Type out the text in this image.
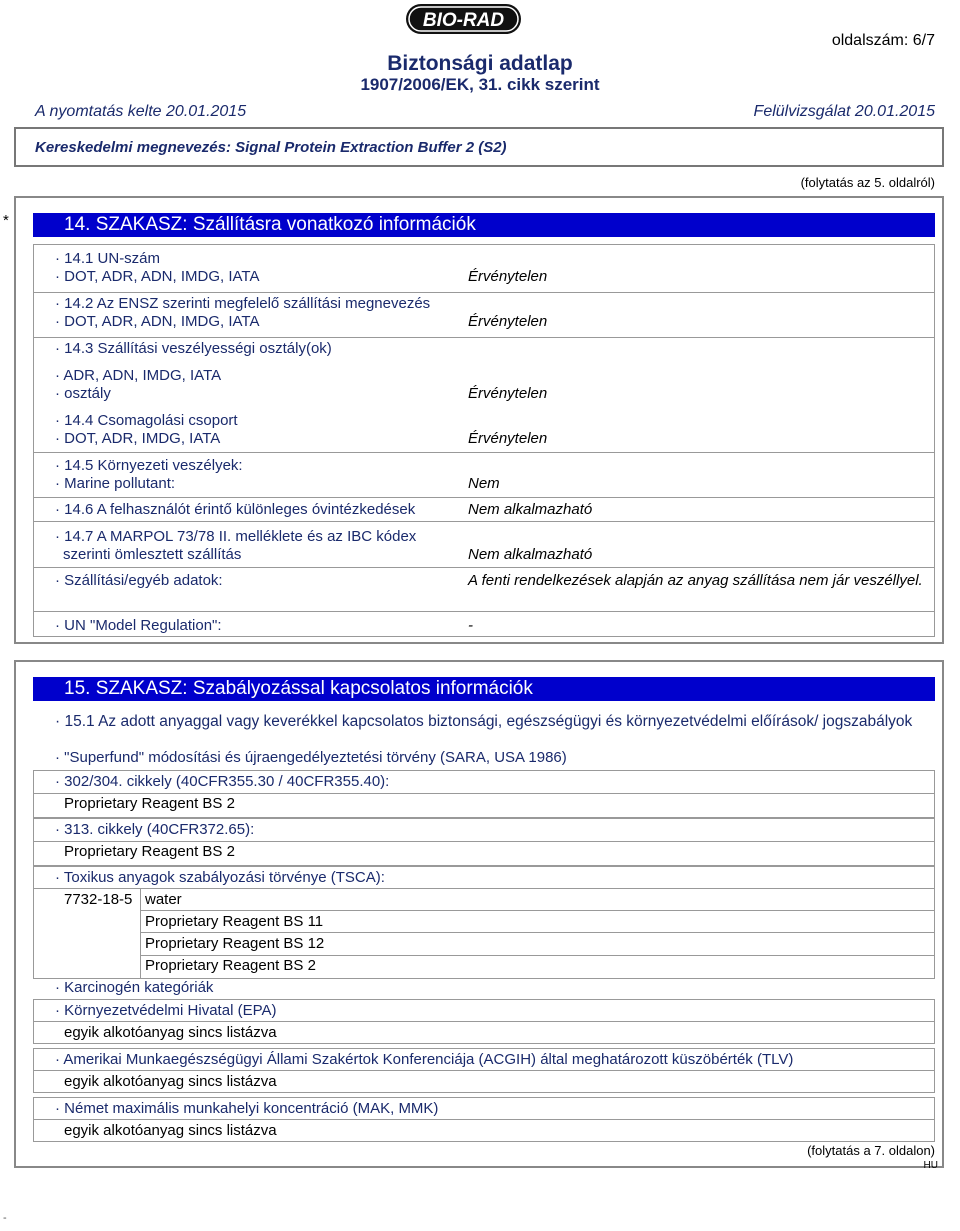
BIO-RAD
oldalszám: 6/7
Biztonsági adatlap
1907/2006/EK, 31. cikk szerint
A nyomtatás kelte 20.01.2015	Felülvizsgálat 20.01.2015
Kereskedelmi megnevezés: Signal Protein Extraction Buffer 2 (S2)
(folytatás az 5. oldalról)
*	14. SZAKASZ: Szállításra vonatkozó információk
· 14.1 UN-szám
· DOT, ADR, ADN, IMDG, IATA	Érvénytelen
· 14.2 Az ENSZ szerinti megfelelő szállítási megnevezés
· DOT, ADR, ADN, IMDG, IATA	Érvénytelen
· 14.3 Szállítási veszélyességi osztály(ok)
· ADR, ADN, IMDG, IATA
· osztály	Érvénytelen
· 14.4 Csomagolási csoport
· DOT, ADR, IMDG, IATA	Érvénytelen
· 14.5 Környezeti veszélyek:
· Marine pollutant:	Nem
· 14.6 A felhasználót érintő különleges óvintézkedések	Nem alkalmazható
· 14.7 A MARPOL 73/78 II. melléklete és az IBC kódex
szerinti ömlesztett szállítás	Nem alkalmazható
· Szállítási/egyéb adatok:	A fenti rendelkezések alapján az anyag szállítása nem jár veszéllyel.
· UN "Model Regulation":	-
15. SZAKASZ: Szabályozással kapcsolatos információk
· 15.1 Az adott anyaggal vagy keverékkel kapcsolatos biztonsági, egészségügyi és környezetvédelmi előírások/ jogszabályok
· "Superfund" módosítási és újraengedélyeztetési törvény (SARA, USA 1986)
· 302/304. cikkely (40CFR355.30 / 40CFR355.40):
Proprietary Reagent BS 2
· 313. cikkely (40CFR372.65):
Proprietary Reagent BS 2
· Toxikus anyagok szabályozási törvénye (TSCA):
7732-18-5 water
Proprietary Reagent BS 11
Proprietary Reagent BS 12
Proprietary Reagent BS 2
· Karcinogén kategóriák
· Környezetvédelmi Hivatal (EPA)
egyik alkotóanyag sincs listázva
· Amerikai Munkaegészségügyi Állami Szakértok Konferenciája (ACGIH) által meghatározott küszöbérték (TLV)
egyik alkotóanyag sincs listázva
· Német maximális munkahelyi koncentráció (MAK, MMK)
egyik alkotóanyag sincs listázva
(folytatás a 7. oldalon)
HU
-
